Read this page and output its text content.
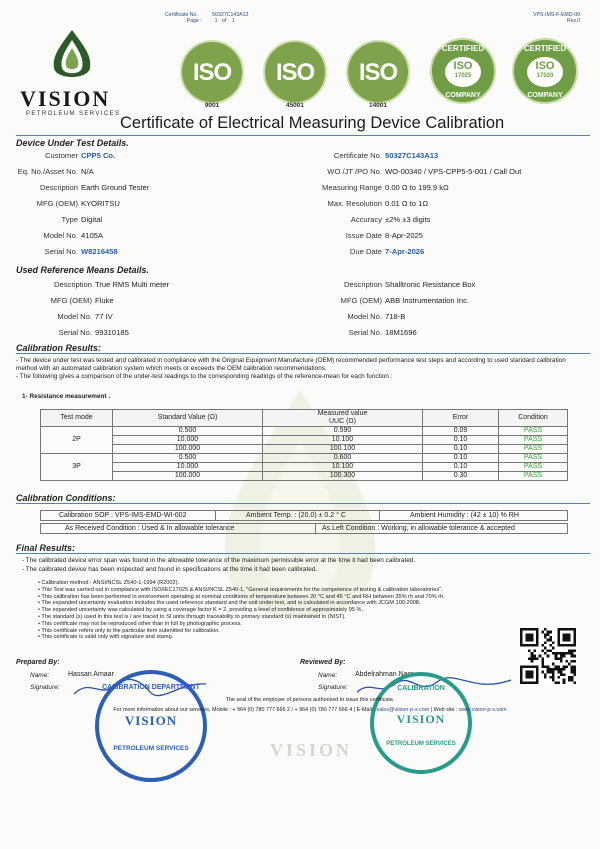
Certificate No.	50327C143A13
Page : 1 of 1
VPS-IMS-F-EMD-00
Rev.0
VISION
PETROLEUM SERVICES
ISO
9001
ISO
45001
ISO
14001
CERTIFIED
ISO
17025
COMPANY
CERTIFIED
ISO
17020
COMPANY
Certificate of Electrical Measuring Device Calibration
Device Under Test Details.
Customer CPP5 Co.
Eq. No./Asset No. N/A
Description Earth Ground Tester
MFG (OEM) KYORITSU
Type Digital
Model No. 4105A
Serial No. W8216458
Certificate No. 50327C143A13
WO /JT /PO No. WO-00340 / VPS-CPP5-5-001 / Call Out
Measuring Range 0.00 Ω to 199.9 kΩ
Max. Resolution 0.01 Ω to 1Ω
Accuracy ±2% ±3 digits
Issue Date 8-Apr-2025
Due Date 7-Apr-2026
Used Reference Means Details.
Description True RMS Multi meter
MFG (OEM) Fluke
Model No. 77 IV
Serial No. 99310185
Description Shalltronic Resistance Box
MFG (OEM) ABB Instrumentation Inc.
Model No. 718-B
Serial No. 18M1696
Calibration Results:
- The device under test was tested and calibrated in compliance with the Original Equipment Manufacture (OEM) recommended performance test steps and according to used standard calibration method with an automated calibration system which meets or exceeds the OEM calibration recommendations.
- The following gives a comparison of the under-test readings to the corresponding readings of the reference-mean for each function :
1- Resistance measurement .
Test mode	Standard Value (Ω)	Measured value
UUC (Ω)	Error	Condition
2P	0.500	0.590	0.09	PASS
	10.000	10.100	0.10	PASS
	100.000	100.100	0.10	PASS
3P	0.500	0.600	0.10	PASS
	10.000	10.100	0.10	PASS
	100.000	100.300	0.30	PASS
Calibration Conditions:
Calibration SOP : VPS-IMS-EMD-WI-002	Ambient Temp. : (20.0) ± 0.2 ° C	Ambient Humidity : (42 ± 10) % RH
As Received Condition : Used & In allowable tolerance	As Left Condition : Working, in allowable tolerance & accepted
Final Results:
- The calibrated device error span was found in the allowable tolerance of the maximum permissible error at the time it had been calibrated.
- The calibrated device has been inspected and found in specifications at the time it had been calibrated.
• Calibration method : ANSI/NCSL Z540-1-1994 (R2002).
• This Test was carried out in compliance with ISO/IEC17025 & ANSI/NCSL Z540-1, "General requirements for the competence of testing & calibration laboratories".
• This calibration has been performed in environment operating at nominal conditions of temperature between 20 °C and 45 °C and RH between 35% rh and 70% rh.
• The expanded uncertainty evaluation includes the used reference standard and the unit under test, and is calculated in accordance with JCGM 100:2008.
• The expanded uncertainty was calculated by using a coverage factor K = 2, providing a level of confidence of approximately 95 %.
• The standard (s) used in this test is / are traced to SI units through traceability to primary standard (s) maintained in (NIST).
• This certificate may not be reproduced other than in full by photographic process.
• This certificate refers only to the particular item submitted for calibration.
• This certificate is valid only with signature and stamp.
Prepared By:
Name:	Hassan Amaar
Signature:
Reviewed By:
Name:	Abdelrahman Nasr
Signature:
CALIBRATION DEPARTMENT
VISION
PETROLEUM SERVICES
CALIBRATION
VISION
PETROLEUM SERVICES
The seal of the employer of persons authorized to issue this certificate.
For more information about our services, Mobile : + 964 (0) 780 777 666 2 / + 964 (0) 780 777 666 4 | E-Mail : sales@vision-p-s.com | Web site : www.vision-p-s.com
VISION
